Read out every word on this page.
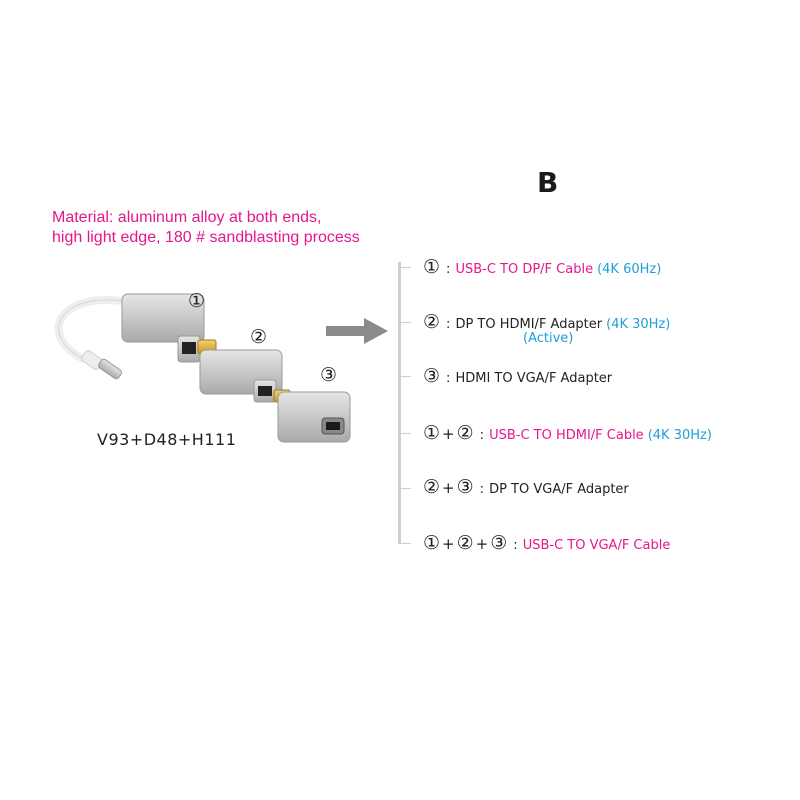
B
Material: aluminum alloy at both ends,
high light edge, 180 # sandblasting process
①
②
③
V93+D48+H111
① : USB-C TO DP/F Cable (4K 60Hz)
② : DP TO HDMI/F Adapter (4K 30Hz)
(Active)
③ : HDMI TO VGA/F Adapter
① + ② : USB-C TO HDMI/F Cable (4K 30Hz)
② + ③ : DP TO VGA/F Adapter
① + ② + ③ : USB-C TO VGA/F Cable
